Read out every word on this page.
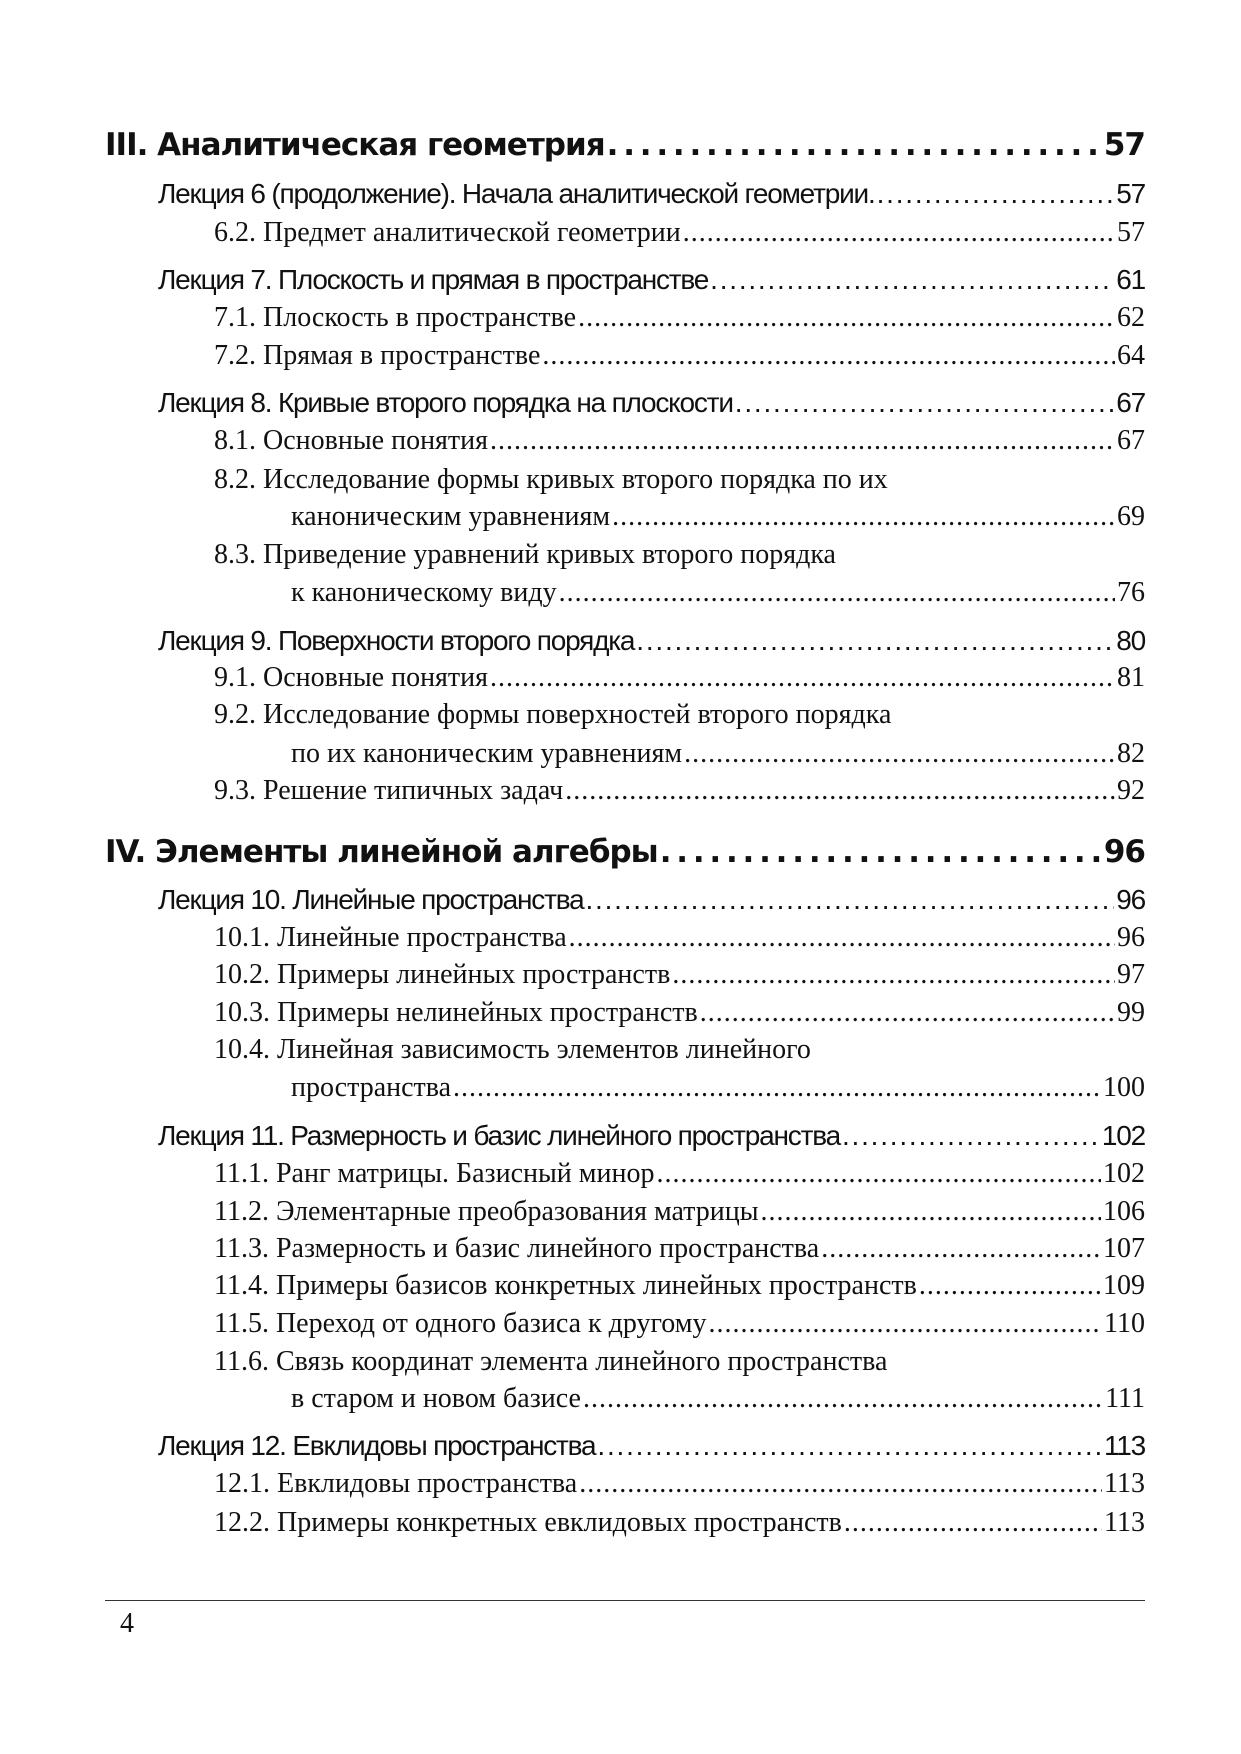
III. Аналитическая геометрия . . .	57
Лекция 6 (продолжение). Начала аналитической геометрии. . . .	57
6.2. Предмет аналитической геометрии . . .	57
Лекция 7. Плоскость и прямая в пространстве . . .	61
7.1. Плоскость в пространстве . . .	62
7.2. Прямая в пространстве . . .	64
Лекция 8. Кривые второго порядка на плоскости . . .	67
8.1. Основные понятия . . .	67
8.2. Исследование формы кривых второго порядка по их
каноническим уравнениям . . .	69
8.3. Приведение уравнений кривых второго порядка
к каноническому виду . . .	76
Лекция 9. Поверхности второго порядка . . .	80
9.1. Основные понятия . . .	81
9.2. Исследование формы поверхностей второго порядка
по их каноническим уравнениям . . .	82
9.3. Решение типичных задач . . .	92
IV. Элементы линейной алгебры . . .	96
Лекция 10. Линейные пространства . . .	96
10.1. Линейные пространства . . .	96
10.2. Примеры линейных пространств . . .	97
10.3. Примеры нелинейных пространств . . .	99
10.4. Линейная зависимость элементов линейного
пространства . . .	100
Лекция 11. Размерность и базис линейного пространства . . .	102
11.1. Ранг матрицы. Базисный минор . . .	102
11.2. Элементарные преобразования матрицы . . .	106
11.3. Размерность и базис линейного пространства . . .	107
11.4. Примеры базисов конкретных линейных пространств . . .	109
11.5. Переход от одного базиса к другому . . .	110
11.6. Связь координат элемента линейного пространства
в старом и новом базисе . . .	111
Лекция 12. Евклидовы пространства . . .	113
12.1. Евклидовы пространства . . .	113
12.2. Примеры конкретных евклидовых пространств . . .	113
4
